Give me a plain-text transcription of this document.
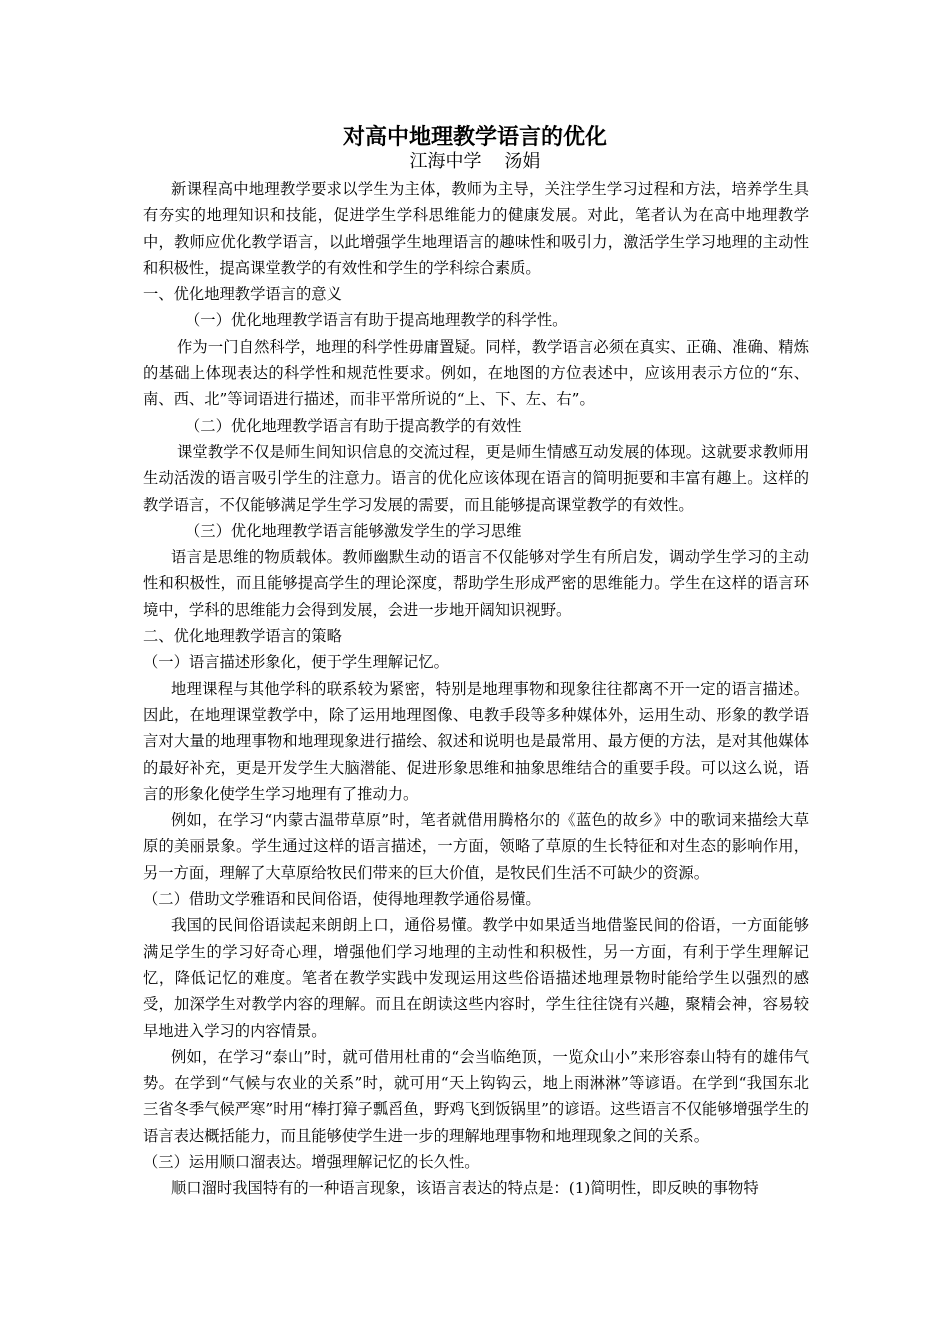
对高中地理教学语言的优化
江海中学    汤娟

新课程高中地理教学要求以学生为主体，教师为主导，关注学生学习过程和方法，培养学生具有夯实的地理知识和技能，促进学生学科思维能力的健康发展。对此，笔者认为在高中地理教学中，教师应优化教学语言，以此增强学生地理语言的趣味性和吸引力，激活学生学习地理的主动性和积极性，提高课堂教学的有效性和学生的学科综合素质。

一、优化地理教学语言的意义

（一）优化地理教学语言有助于提高地理教学的科学性。

作为一门自然科学，地理的科学性毋庸置疑。同样，教学语言必须在真实、正确、准确、精炼的基础上体现表达的科学性和规范性要求。例如，在地图的方位表述中，应该用表示方位的“东、南、西、北”等词语进行描述，而非平常所说的“上、下、左、右”。

（二）优化地理教学语言有助于提高教学的有效性

课堂教学不仅是师生间知识信息的交流过程，更是师生情感互动发展的体现。这就要求教师用生动活泼的语言吸引学生的注意力。语言的优化应该体现在语言的简明扼要和丰富有趣上。这样的教学语言，不仅能够满足学生学习发展的需要，而且能够提高课堂教学的有效性。

（三）优化地理教学语言能够激发学生的学习思维

语言是思维的物质载体。教师幽默生动的语言不仅能够对学生有所启发，调动学生学习的主动性和积极性，而且能够提高学生的理论深度，帮助学生形成严密的思维能力。学生在这样的语言环境中，学科的思维能力会得到发展，会进一步地开阔知识视野。

二、优化地理教学语言的策略

（一）语言描述形象化，便于学生理解记忆。

地理课程与其他学科的联系较为紧密，特别是地理事物和现象往往都离不开一定的语言描述。因此，在地理课堂教学中，除了运用地理图像、电教手段等多种媒体外，运用生动、形象的教学语言对大量的地理事物和地理现象进行描绘、叙述和说明也是最常用、最方便的方法，是对其他媒体的最好补充，更是开发学生大脑潜能、促进形象思维和抽象思维结合的重要手段。可以这么说，语言的形象化使学生学习地理有了推动力。

例如，在学习“内蒙古温带草原”时，笔者就借用腾格尔的《蓝色的故乡》中的歌词来描绘大草原的美丽景象。学生通过这样的语言描述，一方面，领略了草原的生长特征和对生态的影响作用，另一方面，理解了大草原给牧民们带来的巨大价值，是牧民们生活不可缺少的资源。

（二）借助文学雅语和民间俗语，使得地理教学通俗易懂。

我国的民间俗语读起来朗朗上口，通俗易懂。教学中如果适当地借鉴民间的俗语，一方面能够满足学生的学习好奇心理，增强他们学习地理的主动性和积极性，另一方面，有利于学生理解记忆，降低记忆的难度。笔者在教学实践中发现运用这些俗语描述地理景物时能给学生以强烈的感受，加深学生对教学内容的理解。而且在朗读这些内容时，学生往往饶有兴趣，聚精会神，容易较早地进入学习的内容情景。

例如，在学习“泰山”时，就可借用杜甫的“会当临绝顶，一览众山小”来形容泰山特有的雄伟气势。在学到“气候与农业的关系”时，就可用“天上钩钩云，地上雨淋淋”等谚语。在学到“我国东北三省冬季气候严寒”时用“棒打獐子瓢舀鱼，野鸡飞到饭锅里”的谚语。这些语言不仅能够增强学生的语言表达概括能力，而且能够使学生进一步的理解地理事物和地理现象之间的关系。

（三）运用顺口溜表达。增强理解记忆的长久性。

顺口溜时我国特有的一种语言现象，该语言表达的特点是：(1)简明性，即反映的事物特
